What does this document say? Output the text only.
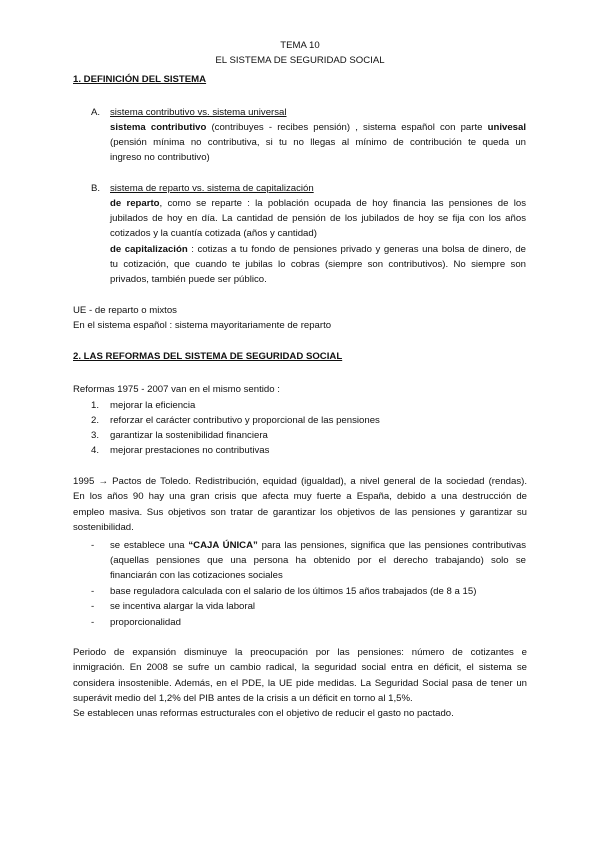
TEMA 10
EL SISTEMA DE SEGURIDAD SOCIAL
1. DEFINICIÓN DEL SISTEMA
A. sistema contributivo vs. sistema universal
sistema contributivo (contribuyes - recibes pensión) , sistema español con parte univesal
(pensión mínima no contributiva, si tu no llegas al mínimo de contribución te queda un
ingreso no contributivo)
B. sistema de reparto vs. sistema de capitalización
de reparto, como se reparte : la población ocupada de hoy financia las pensiones de los
jubilados de hoy en día. La cantidad de pensión de los jubilados de hoy se fija con los años
cotizados y la cuantía cotizada (años y cantidad)
de capitalización : cotizas a tu fondo de pensiones privado y generas una bolsa de dinero, de
tu cotización, que cuando te jubilas lo cobras (siempre son contributivos). No siempre son
privados, también puede ser público.
UE - de reparto o mixtos
En el sistema español : sistema mayoritariamente de reparto
2. LAS REFORMAS DEL SISTEMA DE SEGURIDAD SOCIAL
Reformas 1975 - 2007 van en el mismo sentido :
1. mejorar la eficiencia
2. reforzar el carácter contributivo y proporcional de las pensiones
3. garantizar la sostenibilidad financiera
4. mejorar prestaciones no contributivas
1995 → Pactos de Toledo. Redistribución, equidad (igualdad), a nivel general de la sociedad (rendas).
En los años 90 hay una gran crisis que afecta muy fuerte a España, debido a una destrucción de
empleo masiva. Sus objetivos son tratar de garantizar los objetivos de las pensiones y garantizar su
sostenibilidad.
- se establece una “CAJA ÚNICA” para las pensiones, significa que las pensiones contributivas
(aquellas pensiones que una persona ha obtenido por el derecho trabajando) solo se
financiarán con las cotizaciones sociales
- base reguladora calculada con el salario de los últimos 15 años trabajados (de 8 a 15)
- se incentiva alargar la vida laboral
- proporcionalidad
Periodo de expansión disminuye la preocupación por las pensiones: número de cotizantes e
inmigración. En 2008 se sufre un cambio radical, la seguridad social entra en déficit, el sistema se
considera insostenible. Además, en el PDE, la UE pide medidas. La Seguridad Social pasa de tener un
superávit medio del 1,2% del PIB antes de la crisis a un déficit en torno al 1,5%.
Se establecen unas reformas estructurales con el objetivo de reducir el gasto no pactado.
